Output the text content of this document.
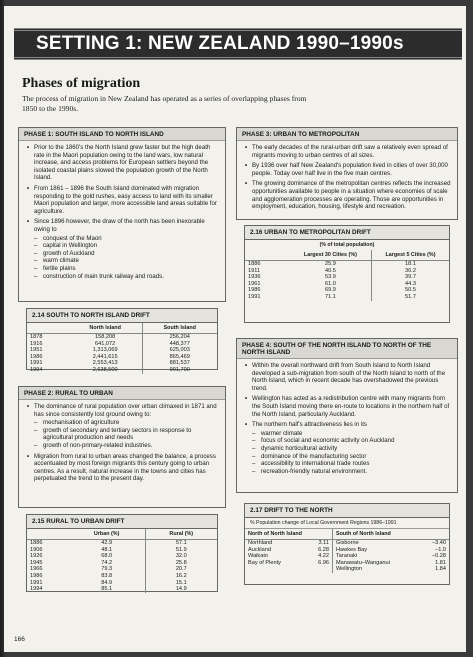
SETTING 1: NEW ZEALAND 1990–1990s
Phases of migration

The process of migration in New Zealand has operated as a series of overlapping phases from 1850 to the 1990s.

PHASE 1: SOUTH ISLAND TO NORTH ISLAND
• Prior to the 1860's the North Island grew faster but the high death rate in the Maori population owing to the land wars, low natural increase, and access problems for European settlers beyond the isolated coastal plains slowed the population growth of the North Island.
• From 1861 – 1896 the South Island dominated with migration responding to the gold rushes, easy access to land with its smaller Maori population and larger, more accessible land areas suitable for agriculture.
• Since 1896 however, the draw of the north has been inexorable owing to
– conquest of the Maori
– capital in Wellington
– growth of Auckland
– warm climate
– fertile plains
– construction of main trunk railway and roads.
2.14 SOUTH TO NORTH ISLAND DRIFT
	North Island	South Island
1878	158,208	256,204
1916	641,072	448,377
1951	1,313,069	625,003
1986	2,441,615	865,469
1991	2,553,413	881,537
1994	2,638,500	901,700
PHASE 2: RURAL TO URBAN
• The dominance of rural population over urban climaxed in 1871 and has since consistently lost ground owing to:
– mechanisation of agriculture
– growth of secondary and tertiary sectors in response to agricultural production and needs
– growth of non-primary-related industries.
• Migration from rural to urban areas changed the balance, a process accentuated by most foreign migrants this century going to urban centres. As a result, natural increase in the towns and cities has perpetuated the trend to the present day.
2.15 RURAL TO URBAN DRIFT
	Urban (%)	Rural (%)
1886	42.9	57.1
1906	48.1	51.9
1926	68.0	32.0
1945	74.2	25.8
1966	79.3	20.7
1986	83.8	16.2
1991	84.9	15.1
1994	85.1	14.9
PHASE 3: URBAN TO METROPOLITAN
• The early decades of the rural-urban drift saw a relatively even spread of migrants moving to urban centres of all sizes.
• By 1936 over half New Zealand's population lived in cities of over 30,000 people. Today over half live in the five main centres.
• The growing dominance of the metropolitan centres reflects the increased opportunities available to people in a situation where economies of scale and agglomeration processes are operating. Those are opportunities in employment, education, housing, lifestyle and recreation.
2.16 URBAN TO METROPOLITAN DRIFT
(% of total population)
	Largest 30 Cities (%)	Largest 5 Cities (%)
1886	25.9	18.1
1911	40.5	30.2
1936	53.9	39.7
1961	61.0	44.3
1986	69.9	50.5
1991	71.1	51.7
PHASE 4: SOUTH OF THE NORTH ISLAND TO NORTH OF THE NORTH ISLAND
• Within the overall northward drift from South Island to North Island developed a sub-migration from south of the North Island to north of the North Island, which in recent decade has overshadowed the previous trend.
• Wellington has acted as a redistribution centre with many migrants from the South Island moving there en-route to locations in the northern half of the North Island, particularly Auckland.
• The northern half's attractiveness lies in its
– warmer climate
– focus of social and economic activity on Auckland
– dynamic horticultural activity
– dominance of the manufacturing sector
– accessibility to international trade routes
– recreation-friendly natural environment.
2.17 DRIFT TO THE NORTH
% Population change of Local Government Regions 1986–1991
North of North Island		South of North Island	
Northland	3.11	Gisborne	–3.40
Auckland	6.28	Hawkes Bay	–1.0
Waikato	4.22	Taranaki	–0.28
Bay of Plenty	6.96	Manawatu–Wanganui	1.81
		Wellington	1.84
166
